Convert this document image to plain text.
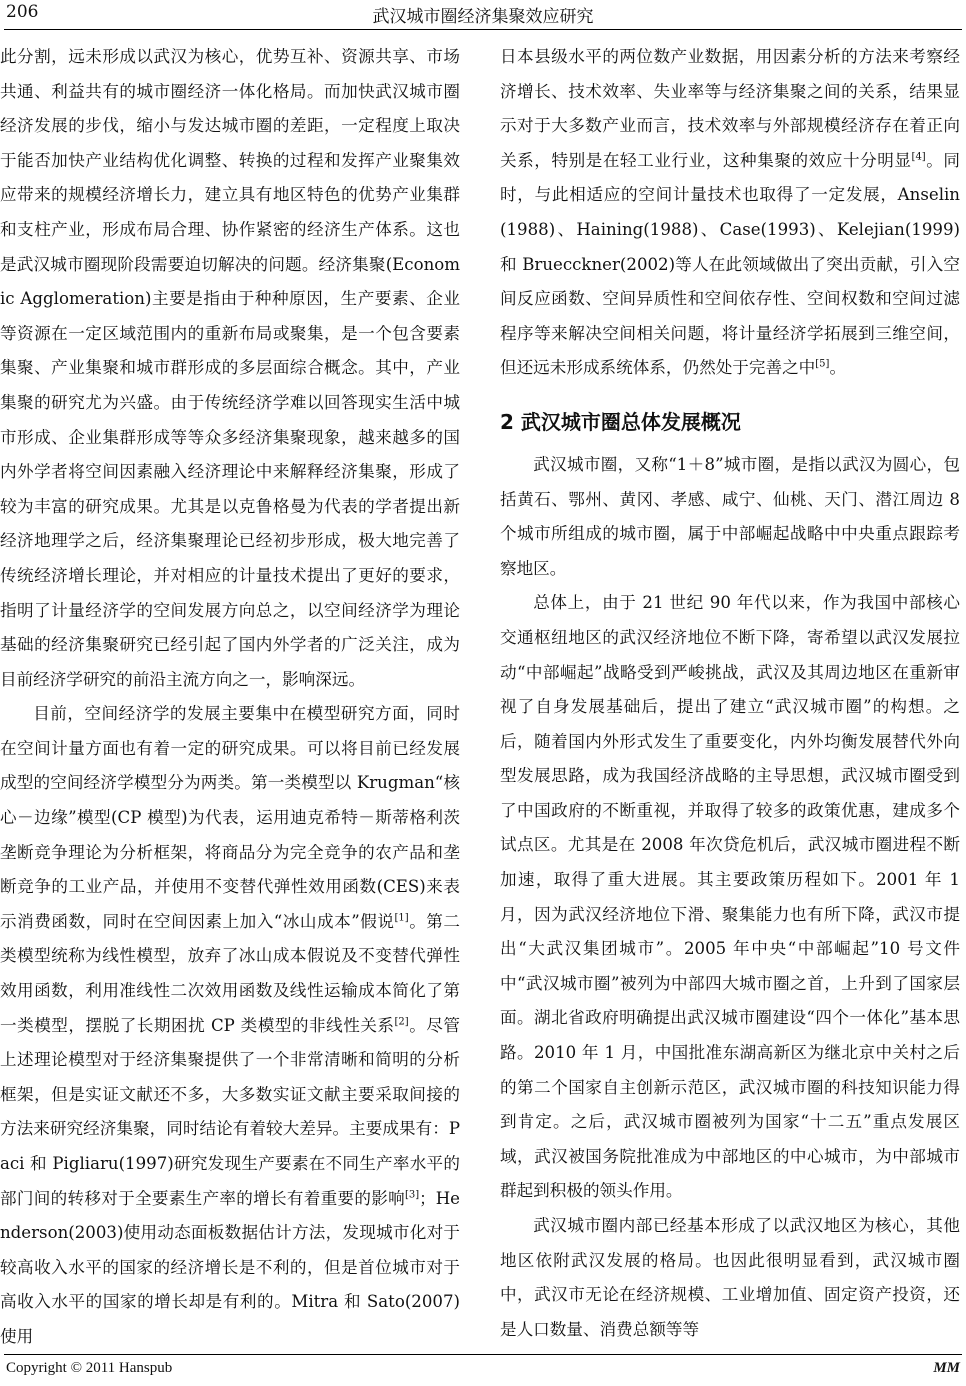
206	武汉城市圈经济集聚效应研究

此分割，远未形成以武汉为核心，优势互补、资源共享、市场共通、利益共有的城市圈经济一体化格局。而加快武汉城市圈经济发展的步伐，缩小与发达城市圈的差距，一定程度上取决于能否加快产业结构优化调整、转换的过程和发挥产业聚集效应带来的规模经济增长力，建立具有地区特色的优势产业集群和支柱产业，形成布局合理、协作紧密的经济生产体系。这也是武汉城市圈现阶段需要迫切解决的问题。经济集聚(Economic Agglomeration)主要是指由于种种原因，生产要素、企业等资源在一定区域范围内的重新布局或聚集，是一个包含要素集聚、产业集聚和城市群形成的多层面综合概念。其中，产业集聚的研究尤为兴盛。由于传统经济学难以回答现实生活中城市形成、企业集群形成等等众多经济集聚现象，越来越多的国内外学者将空间因素融入经济理论中来解释经济集聚，形成了较为丰富的研究成果。尤其是以克鲁格曼为代表的学者提出新经济地理学之后，经济集聚理论已经初步形成，极大地完善了传统经济增长理论，并对相应的计量技术提出了更好的要求，指明了计量经济学的空间发展方向总之，以空间经济学为理论基础的经济集聚研究已经引起了国内外学者的广泛关注，成为目前经济学研究的前沿主流方向之一，影响深远。

目前，空间经济学的发展主要集中在模型研究方面，同时在空间计量方面也有着一定的研究成果。可以将目前已经发展成型的空间经济学模型分为两类。第一类模型以 Krugman“核心－边缘”模型(CP 模型)为代表，运用迪克希特－斯蒂格利茨垄断竞争理论为分析框架，将商品分为完全竞争的农产品和垄断竞争的工业产品，并使用不变替代弹性效用函数(CES)来表示消费函数，同时在空间因素上加入“冰山成本”假说[1]。第二类模型统称为线性模型，放弃了冰山成本假说及不变替代弹性效用函数，利用准线性二次效用函数及线性运输成本简化了第一类模型，摆脱了长期困扰 CP 类模型的非线性关系[2]。尽管上述理论模型对于经济集聚提供了一个非常清晰和简明的分析框架，但是实证文献还不多，大多数实证文献主要采取间接的方法来研究经济集聚，同时结论有着较大差异。主要成果有：Paci 和 Pigliaru(1997)研究发现生产要素在不同生产率水平的部门间的转移对于全要素生产率的增长有着重要的影响[3]；Henderson(2003)使用动态面板数据估计方法，发现城市化对于较高收入水平的国家的经济增长是不利的，但是首位城市对于高收入水平的国家的增长却是有利的。Mitra 和 Sato(2007)使用

日本县级水平的两位数产业数据，用因素分析的方法来考察经济增长、技术效率、失业率等与经济集聚之间的关系，结果显示对于大多数产业而言，技术效率与外部规模经济存在着正向关系，特别是在轻工业行业，这种集聚的效应十分明显[4]。同时，与此相适应的空间计量技术也取得了一定发展，Anselin(1988)、Haining(1988)、Case(1993)、Kelejian(1999) 和 Bruecckner(2002)等人在此领域做出了突出贡献，引入空间反应函数、空间异质性和空间依存性、空间权数和空间过滤程序等来解决空间相关问题，将计量经济学拓展到三维空间，但还远未形成系统体系，仍然处于完善之中[5]。

2 武汉城市圈总体发展概况

武汉城市圈，又称“1＋8”城市圈，是指以武汉为圆心，包括黄石、鄂州、黄冈、孝感、咸宁、仙桃、天门、潜江周边 8 个城市所组成的城市圈，属于中部崛起战略中中央重点跟踪考察地区。

总体上，由于 21 世纪 90 年代以来，作为我国中部核心交通枢纽地区的武汉经济地位不断下降，寄希望以武汉发展拉动“中部崛起”战略受到严峻挑战，武汉及其周边地区在重新审视了自身发展基础后，提出了建立“武汉城市圈”的构想。之后，随着国内外形式发生了重要变化，内外均衡发展替代外向型发展思路，成为我国经济战略的主导思想，武汉城市圈受到了中国政府的不断重视，并取得了较多的政策优惠，建成多个试点区。尤其是在 2008 年次贷危机后，武汉城市圈进程不断加速，取得了重大进展。其主要政策历程如下。2001 年 1 月，因为武汉经济地位下滑、聚集能力也有所下降，武汉市提出“大武汉集团城市”。2005 年中央“中部崛起”10 号文件中“武汉城市圈”被列为中部四大城市圈之首，上升到了国家层面。湖北省政府明确提出武汉城市圈建设“四个一体化”基本思路。2010 年 1 月，中国批准东湖高新区为继北京中关村之后的第二个国家自主创新示范区，武汉城市圈的科技知识能力得到肯定。之后，武汉城市圈被列为国家“十二五”重点发展区域，武汉被国务院批准成为中部地区的中心城市，为中部城市群起到积极的领头作用。

武汉城市圈内部已经基本形成了以武汉地区为核心，其他地区依附武汉发展的格局。也因此很明显看到，武汉城市圈中，武汉市无论在经济规模、工业增加值、固定资产投资，还是人口数量、消费总额等等

Copyright © 2011 Hanspub	MM
